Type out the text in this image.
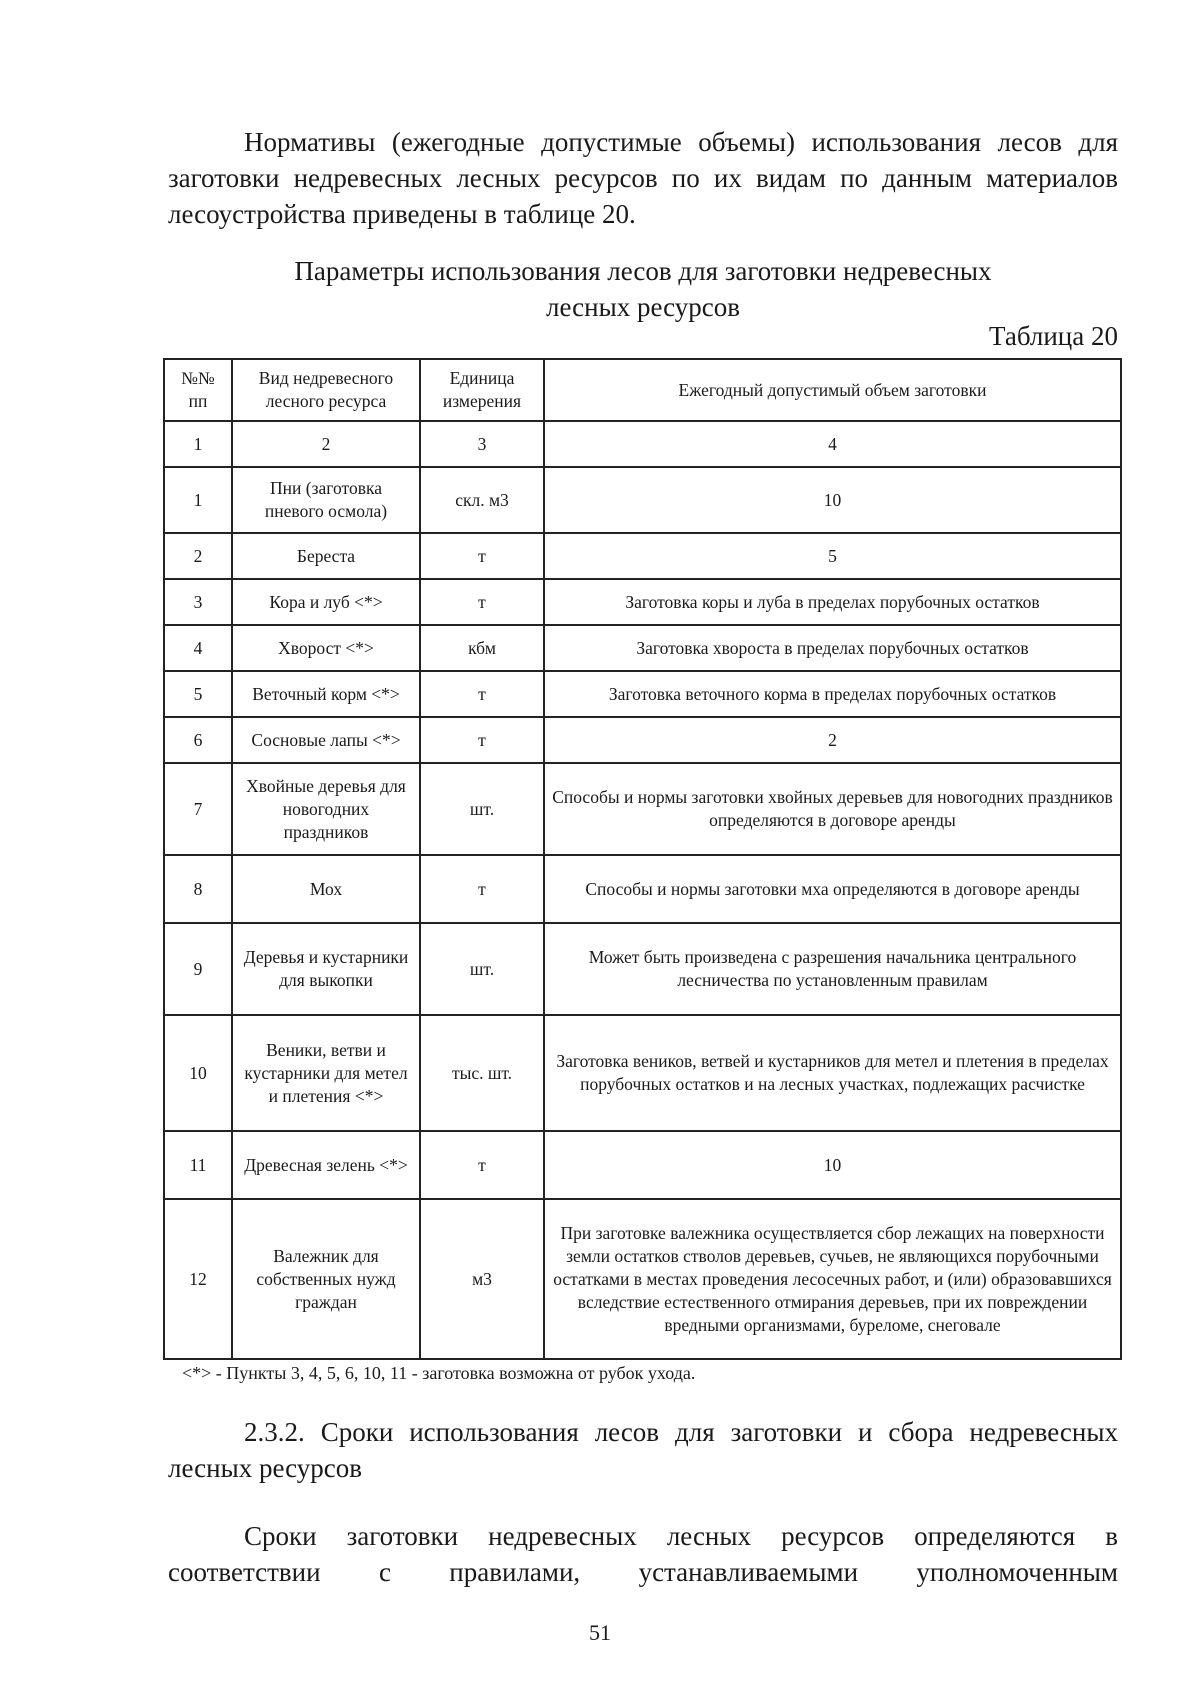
Нормативы (ежегодные допустимые объемы) использования лесов для
заготовки недревесных лесных ресурсов по их видам по данным материалов
лесоустройства приведены в таблице 20.

Параметры использования лесов для заготовки недревесных
лесных ресурсов

Таблица 20
№№ пп	Вид недревесного лесного ресурса	Единица измерения	Ежегодный допустимый объем заготовки
1	2	3	4
1	Пни (заготовка пневого осмола)	скл. м3	10
2	Береста	т	5
3	Кора и луб <*>	т	Заготовка коры и луба в пределах порубочных остатков
4	Хворост <*>	кбм	Заготовка хвороста в пределах порубочных остатков
5	Веточный корм <*>	т	Заготовка веточного корма в пределах порубочных остатков
6	Сосновые лапы <*>	т	2
7	Хвойные деревья для новогодних праздников	шт.	Способы и нормы заготовки хвойных деревьев для новогодних праздников определяются в договоре аренды
8	Мох	т	Способы и нормы заготовки мха определяются в договоре аренды
9	Деревья и кустарники для выкопки	шт.	Может быть произведена с разрешения начальника центрального лесничества по установленным правилам
10	Веники, ветви и кустарники для метел и плетения <*>	тыс. шт.	Заготовка веников, ветвей и кустарников для метел и плетения в пределах порубочных остатков и на лесных участках, подлежащих расчистке
11	Древесная зелень <*>	т	10
12	Валежник для собственных нужд граждан	м3	При заготовке валежника осуществляется сбор лежащих на поверхности земли остатков стволов деревьев, сучьев, не являющихся порубочными остатками в местах проведения лесосечных работ, и (или) образовавшихся вследствие естественного отмирания деревьев, при их повреждении вредными организмами, буреломе, снеговале
<*> - Пункты 3, 4, 5, 6, 10, 11 - заготовка возможна от рубок ухода.

2.3.2. Сроки использования лесов для заготовки и сбора недревесных
лесных ресурсов

Сроки заготовки недревесных лесных ресурсов определяются в
соответствии с правилами, устанавливаемыми уполномоченным

51
